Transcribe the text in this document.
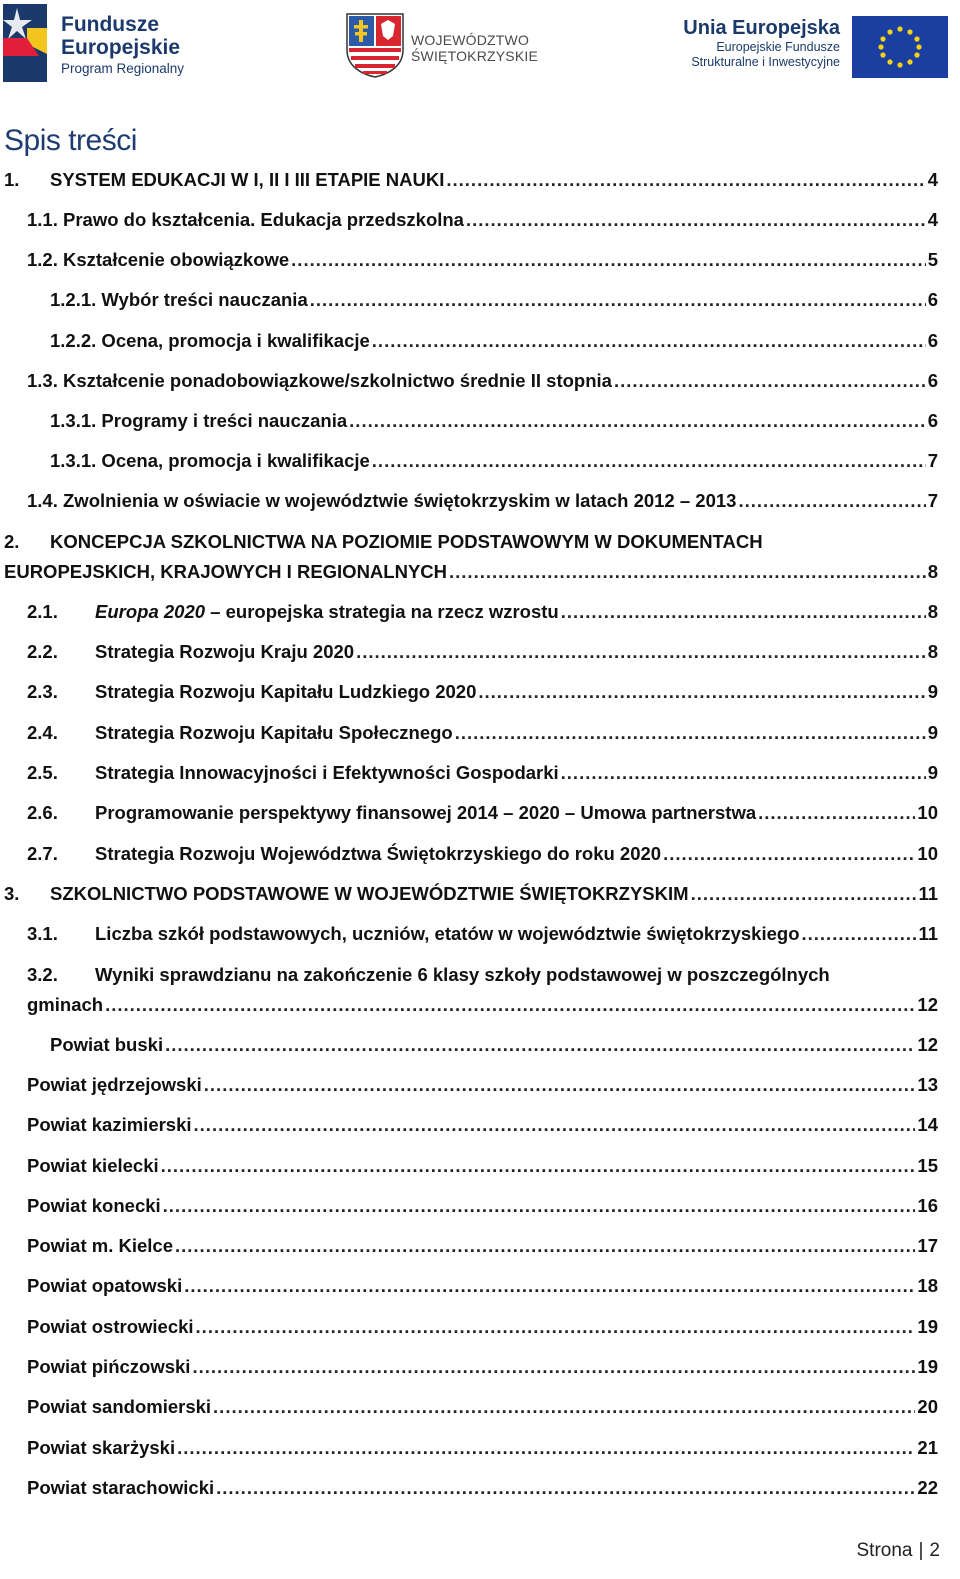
Fundusze
Europejskie
Program Regionalny
WOJEWÓDZTWO
ŚWIĘTOKRZYSKIE
Unia Europejska
Europejskie Fundusze
Strukturalne i Inwestycyjne
Spis treści
1.	SYSTEM EDUKACJI W I, II I III ETAPIE NAUKI .....	4
1.1. Prawo do kształcenia. Edukacja przedszkolna .....	4
1.2. Kształcenie obowiązkowe .....	5
1.2.1. Wybór treści nauczania .....	6
1.2.2. Ocena, promocja i kwalifikacje .....	6
1.3. Kształcenie ponadobowiązkowe/szkolnictwo średnie II stopnia .....	6
1.3.1. Programy i treści nauczania .....	6
1.3.1. Ocena, promocja i kwalifikacje .....	7
1.4. Zwolnienia w oświacie w województwie świętokrzyskim w latach 2012 – 2013 .....	7
2. KONCEPCJA SZKOLNICTWA NA POZIOMIE PODSTAWOWYM W DOKUMENTACH
EUROPEJSKICH, KRAJOWYCH I REGIONALNYCH .....	8
2.1.	Europa 2020 – europejska strategia na rzecz wzrostu .....	8
2.2.	Strategia Rozwoju Kraju 2020 .....	8
2.3.	Strategia Rozwoju Kapitału Ludzkiego 2020 .....	9
2.4.	Strategia Rozwoju Kapitału Społecznego .....	9
2.5.	Strategia Innowacyjności i Efektywności Gospodarki .....	9
2.6.	Programowanie perspektywy finansowej 2014 – 2020 – Umowa partnerstwa .....	10
2.7.	Strategia Rozwoju Województwa Świętokrzyskiego do roku 2020 .....	10
3.	SZKOLNICTWO PODSTAWOWE W WOJEWÓDZTWIE ŚWIĘTOKRZYSKIM .....	11
3.1.	Liczba szkół podstawowych, uczniów, etatów w województwie świętokrzyskiego .....	11
3.2. Wyniki sprawdzianu na zakończenie 6 klasy szkoły podstawowej w poszczególnych
gminach .....	12
Powiat buski .....	12
Powiat jędrzejowski .....	13
Powiat kazimierski .....	14
Powiat kielecki .....	15
Powiat konecki .....	16
Powiat m. Kielce .....	17
Powiat opatowski .....	18
Powiat ostrowiecki .....	19
Powiat pińczowski .....	19
Powiat sandomierski .....	20
Powiat skarżyski .....	21
Powiat starachowicki .....	22
Strona | 2
